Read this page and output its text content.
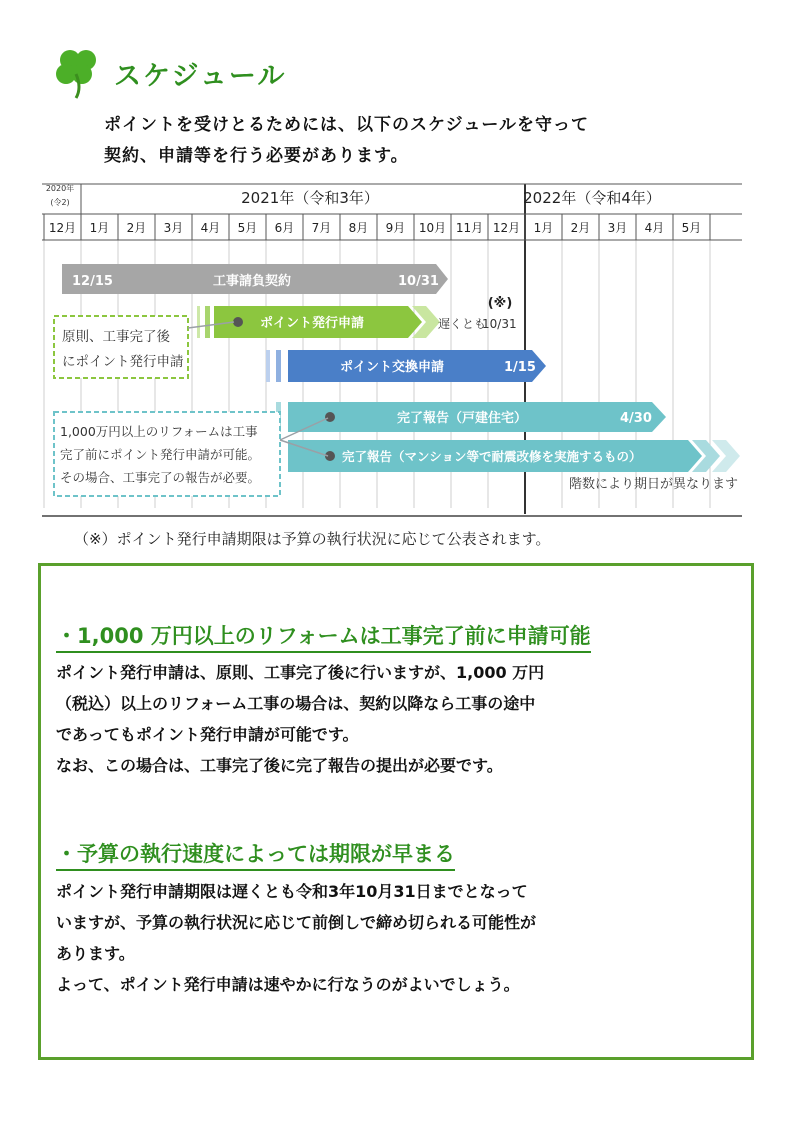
スケジュール
ポイントを受けとるためには、以下のスケジュールを守って
契約、申請等を行う必要があります。
2020年
(令2)	2021年（令和3年）	2022年（令和4年）
12月 1月 2月 3月 4月 5月 6月 7月 8月 9月 10月 11月 12月 1月 2月 3月 4月 5月
12/15	工事請負契約	10/31
ポイント発行申請	遅くとも
10/31
(※)
ポイント交換申請	1/15
完了報告（戸建住宅）	4/30
完了報告（マンション等で耐震改修を実施するもの）
階数により期日が異なります
原則、工事完了後
にポイント発行申請
1,000万円以上のリフォームは工事
完了前にポイント発行申請が可能。
その場合、工事完了の報告が必要。
（※）ポイント発行申請期限は予算の執行状況に応じて公表されます。
・1,000 万円以上のリフォームは工事完了前に申請可能
ポイント発行申請は、原則、工事完了後に行いますが、1,000 万円
（税込）以上のリフォーム工事の場合は、契約以降なら工事の途中
であってもポイント発行申請が可能です。
なお、この場合は、工事完了後に完了報告の提出が必要です。
・予算の執行速度によっては期限が早まる
ポイント発行申請期限は遅くとも令和3年10月31日までとなって
いますが、予算の執行状況に応じて前倒しで締め切られる可能性が
あります。
よって、ポイント発行申請は速やかに行なうのがよいでしょう。
